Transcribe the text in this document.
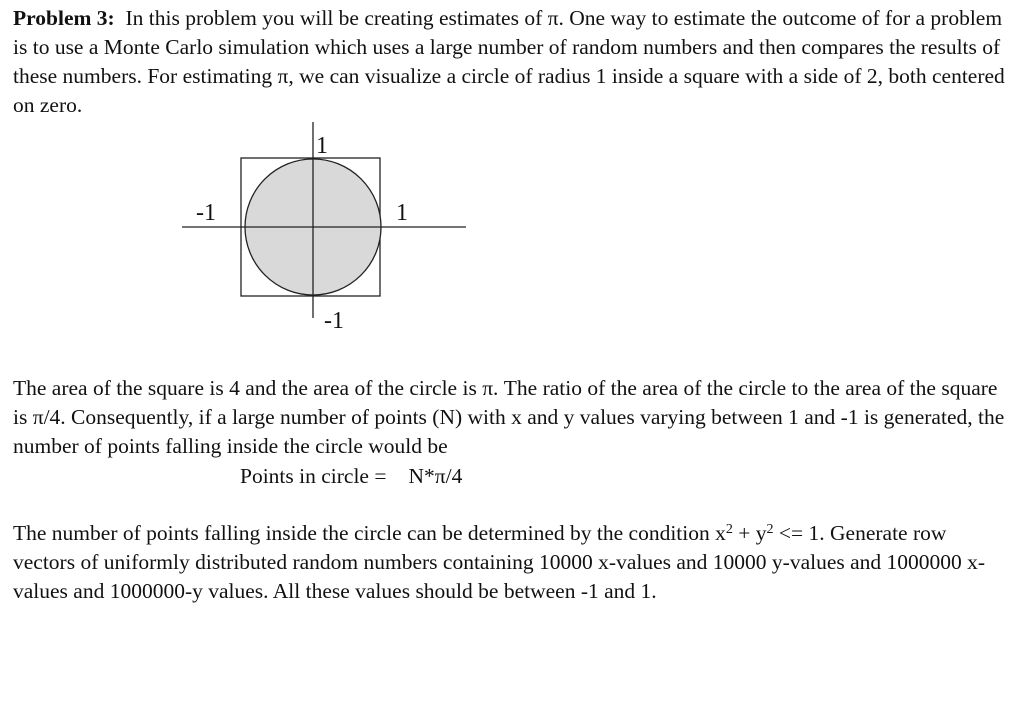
Problem 3: In this problem you will be creating estimates of π. One way to estimate the outcome of for a problem is to use a Monte Carlo simulation which uses a large number of random numbers and then compares the results of these numbers. For estimating π, we can visualize a circle of radius 1 inside a square with a side of 2, both centered on zero.

1
-1	1
-1

The area of the square is 4 and the area of the circle is π. The ratio of the area of the circle to the area of the square is π/4. Consequently, if a large number of points (N) with x and y values varying between 1 and -1 is generated, the number of points falling inside the circle would be

Points in circle = N*π/4

The number of points falling inside the circle can be determined by the condition $x^2 + y^2 <= 1$. Generate row vectors of uniformly distributed random numbers containing 10000 x-values and 10000 y-values and 1000000 x-values and 1000000-y values. All these values should be between -1 and 1.
